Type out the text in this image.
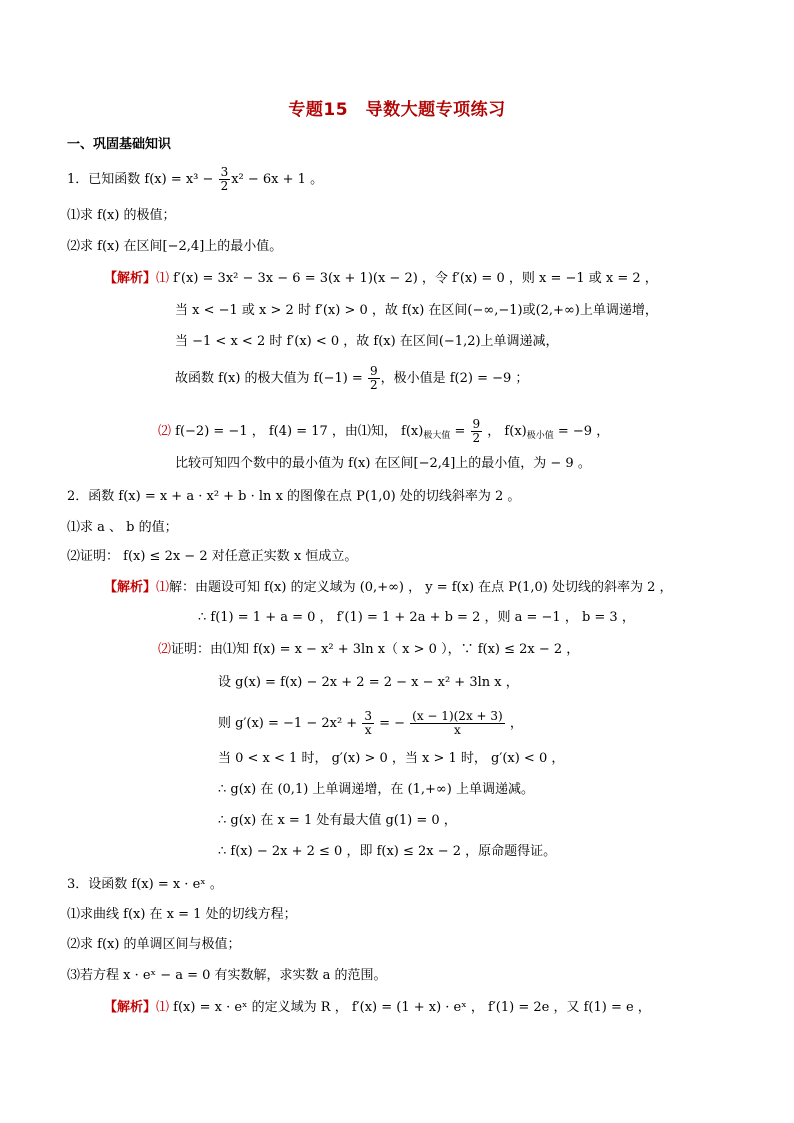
专题15　导数大题专项练习
一、巩固基础知识
1．已知函数 $f(x) = x^3 - \frac{3}{2} x^2 - 6x + 1$ 。
⑴求 f(x) 的极值；
⑵求 f(x) 在区间[−2,4]上的最小值。
【解析】⑴ f′(x) = 3x² − 3x − 6 = 3(x + 1)(x − 2) ，令 f′(x) = 0 ，则 x = −1 或 x = 2 ，
当 x < −1 或 x > 2 时 f′(x) > 0 ，故 f(x) 在区间(−∞,−1)或(2,+∞)上单调递增，
当 −1 < x < 2 时 f′(x) < 0 ，故 f(x) 在区间(−1,2)上单调递减，
故函数 f(x) 的极大值为 $f(-1) = \frac{9}{2}$ ，极小值是 f(2) = −9 ；
⑵ f(−2) = −1 ， f(4) = 17 ，由⑴知， $f(x)_{极大值} = \frac{9}{2}$ ， $f(x)_{极小值} = -9$ ，
比较可知四个数中的最小值为 f(x) 在区间[−2,4]上的最小值，为 − 9 。
2．函数 f(x) = x + a · x² + b · ln x 的图像在点 P(1,0) 处的切线斜率为 2 。
⑴求 a 、 b 的值；
⑵证明： f(x) ≤ 2x − 2 对任意正实数 x 恒成立。
【解析】⑴解：由题设可知 f(x) 的定义域为 (0,+∞) ， y = f(x) 在点 P(1,0) 处切线的斜率为 2 ，
∴ f(1) = 1 + a = 0 ， f′(1) = 1 + 2a + b = 2 ，则 a = −1 ， b = 3 ，
⑵证明：由⑴知 f(x) = x − x² + 3ln x（ x > 0 ），∵ f(x) ≤ 2x − 2 ，
设 g(x) = f(x) − 2x + 2 = 2 − x − x² + 3ln x ，
则 $g'(x) = -1 - 2x^2 + \frac{3}{x}$ = − $\frac{(x - 1)(2x + 3)}{x}$ ，
当 0 < x < 1 时， g′(x) > 0 ，当 x > 1 时， g′(x) < 0 ，
∴ g(x) 在 (0,1) 上单调递增，在 (1,+∞) 上单调递减。
∴ g(x) 在 x = 1 处有最大值 g(1) = 0 ，
∴ f(x) − 2x + 2 ≤ 0 ，即 f(x) ≤ 2x − 2 ，原命题得证。
3．设函数 f(x) = x · eˣ 。
⑴求曲线 f(x) 在 x = 1 处的切线方程；
⑵求 f(x) 的单调区间与极值；
⑶若方程 x · eˣ − a = 0 有实数解，求实数 a 的范围。
【解析】⑴ f(x) = x · eˣ 的定义域为 R ， f′(x) = (1 + x) · eˣ ， f′(1) = 2e ，又 f(1) = e ，
